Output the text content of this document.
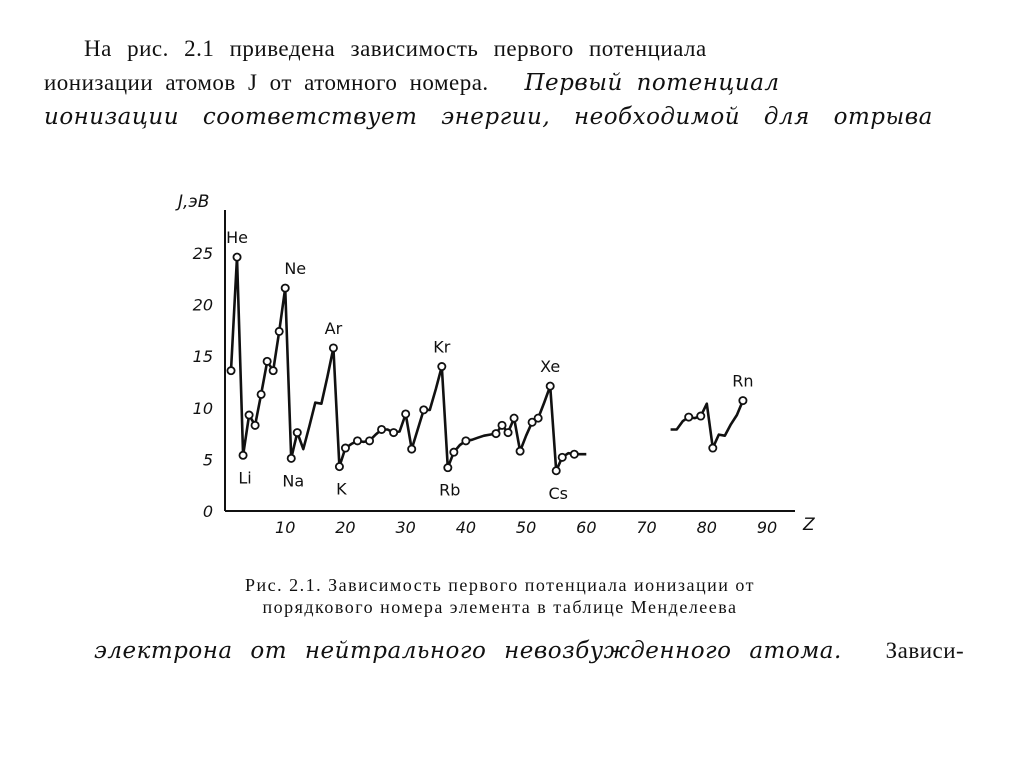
На рис. 2.1 приведена зависимость первого потенциала
ионизации атомов J от атомного номера. Первый потенциал
ионизации соответствует энергии, необходимой для отрыва
J,эВ
Z
0
5
10
15
20
25
10 20 30 40 50 60 70 80 90
He
Ne
Ar
Kr
Xe
Rn
Li Na K	Rb	Cs
Рис. 2.1. Зависимость первого потенциала ионизации от
порядкового номера элемента в таблице Менделеева
электрона от нейтрального невозбужденного атома. Зависи-
